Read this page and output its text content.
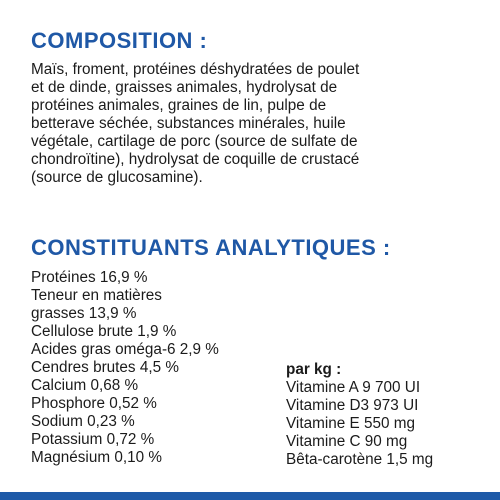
COMPOSITION :

Maïs, froment, protéines déshydratées de poulet
et de dinde, graisses animales, hydrolysat de
protéines animales, graines de lin, pulpe de
betterave séchée, substances minérales, huile
végétale, cartilage de porc (source de sulfate de
chondroïtine), hydrolysat de coquille de crustacé
(source de glucosamine).

CONSTITUANTS ANALYTIQUES :
Protéines 16,9 %
Teneur en matières
grasses 13,9 %
Cellulose brute 1,9 %
Acides gras oméga-6 2,9 %
Cendres brutes 4,5 %
Calcium 0,68 %
Phosphore 0,52 %
Sodium 0,23 %
Potassium 0,72 %
Magnésium 0,10 %
par kg :
Vitamine A 9 700 UI
Vitamine D3 973 UI
Vitamine E 550 mg
Vitamine C 90 mg
Bêta-carotène 1,5 mg
